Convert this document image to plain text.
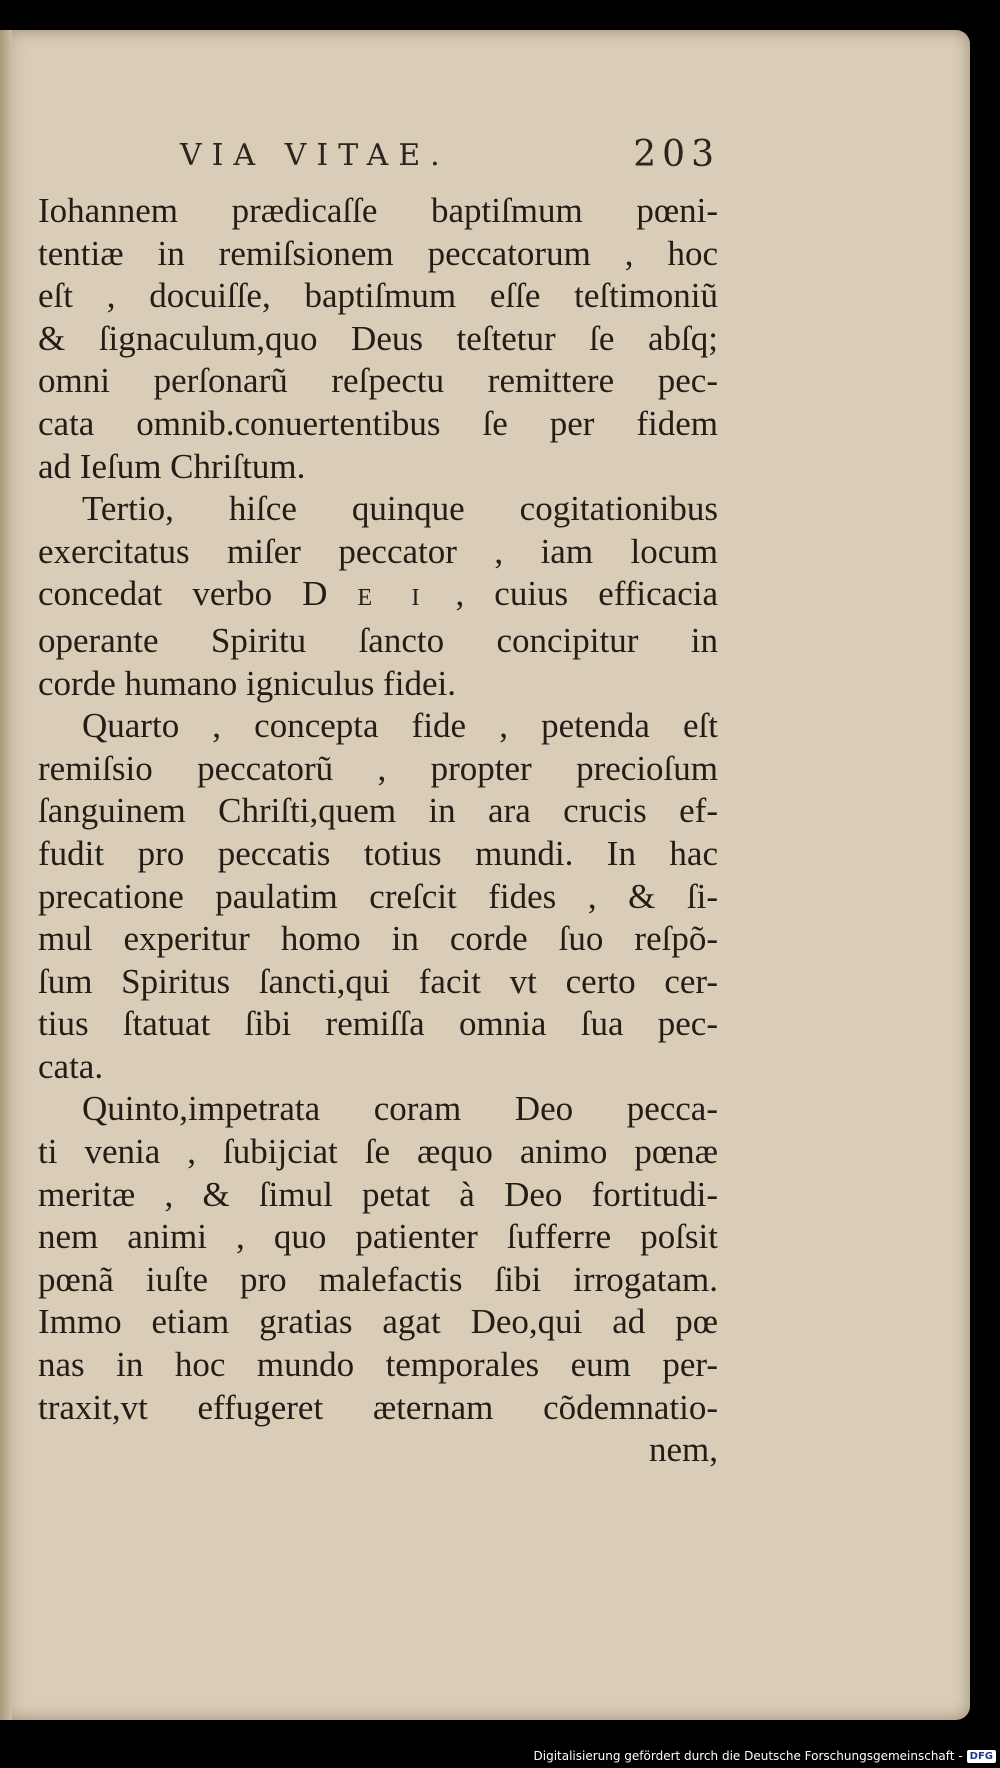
VIA VITAE.	203
Iohannem prædicaſſe baptiſmum pœni-
tentiæ in remiſsionem peccatorum , hoc
eſt , docuiſſe, baptiſmum eſſe teſtimoniũ
& ſignaculum,quo Deus teſtetur ſe abſq;
omni perſonarũ reſpectu remittere pec-
cata omnib.conuertentibus ſe per fidem
ad Ieſum Chriſtum.
Tertio, hiſce quinque cogitationibus
exercitatus miſer peccator , iam locum
concedat verbo D E I , cuius efficacia
operante Spiritu ſancto concipitur in
corde humano igniculus fidei.
Quarto , concepta fide , petenda eſt
remiſsio peccatorũ , propter precioſum
ſanguinem Chriſti,quem in ara crucis ef-
fudit pro peccatis totius mundi. In hac
precatione paulatim creſcit fides , & ſi-
mul experitur homo in corde ſuo reſpõ-
ſum Spiritus ſancti,qui facit vt certo cer-
tius ſtatuat ſibi remiſſa omnia ſua pec-
cata.
Quinto,impetrata coram Deo pecca-
ti venia , ſubijciat ſe æquo animo pœnæ
meritæ , & ſimul petat à Deo fortitudi-
nem animi , quo patienter ſufferre poſsit
pœnã iuſte pro malefactis ſibi irrogatam.
Immo etiam gratias agat Deo,qui ad pœ
nas in hoc mundo temporales eum per-
traxit,vt effugeret æternam cõdemnatio-
nem,
Digitalisierung gefördert durch die Deutsche Forschungsgemeinschaft - DFG
